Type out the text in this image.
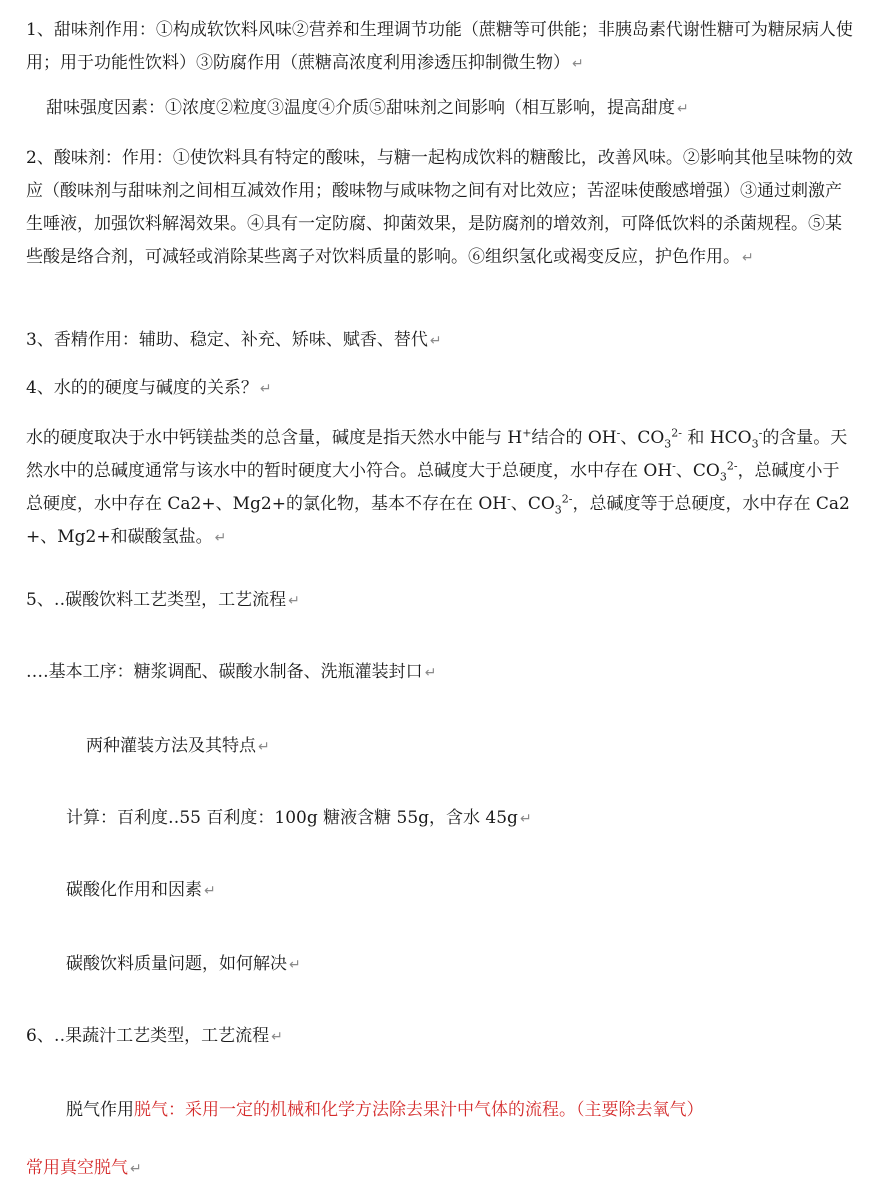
1、甜味剂作用：①构成软饮料风味②营养和生理调节功能（蔗糖等可供能；非胰岛素代谢性糖可为糖尿病人使用；用于功能性饮料）③防腐作用（蔗糖高浓度利用渗透压抑制微生物） ↵
甜味强度因素：①浓度②粒度③温度④介质⑤甜味剂之间影响（相互影响，提高甜度 ↵
2、酸味剂：作用：①使饮料具有特定的酸味，与糖一起构成饮料的糖酸比，改善风味。②影响其他呈味物的效应（酸味剂与甜味剂之间相互减效作用；酸味物与咸味物之间有对比效应；苦涩味使酸感增强）③通过刺激产生唾液，加强饮料解渴效果。④具有一定防腐、抑菌效果，是防腐剂的增效剂，可降低饮料的杀菌规程。⑤某些酸是络合剂，可减轻或消除某些离子对饮料质量的影响。⑥组织氢化或褐变反应，护色作用。 ↵
3、香精作用：辅助、稳定、补充、矫味、赋香、替代 ↵
4、水的的硬度与碱度的关系？ ↵
水的硬度取决于水中钙镁盐类的总含量，碱度是指天然水中能与 H+结合的 OH-、$CO_3^{2-}$ 和 $HCO_3^-$的含量。天然水中的总碱度通常与该水中的暂时硬度大小符合。总碱度大于总硬度，水中存在 OH-、$CO_3^{2-}$，总碱度小于总硬度，水中存在 Ca2+、Mg2+的氯化物，基本不存在在 OH-、$CO_3^{2-}$，总碱度等于总硬度，水中存在 Ca2+、Mg2+和碳酸氢盐。 ↵
5、‥碳酸饮料工艺类型，工艺流程 ↵
‥‥基本工序：糖浆调配、碳酸水制备、洗瓶灌装封口 ↵
两种灌装方法及其特点 ↵
计算：百利度‥55 百利度：100g 糖液含糖 55g，含水 45g ↵
碳酸化作用和因素 ↵
碳酸饮料质量问题，如何解决 ↵
6、‥果蔬汁工艺类型，工艺流程 ↵
脱气作用脱气：采用一定的机械和化学方法除去果汁中气体的流程。（主要除去氧气）
常用真空脱气 ↵
